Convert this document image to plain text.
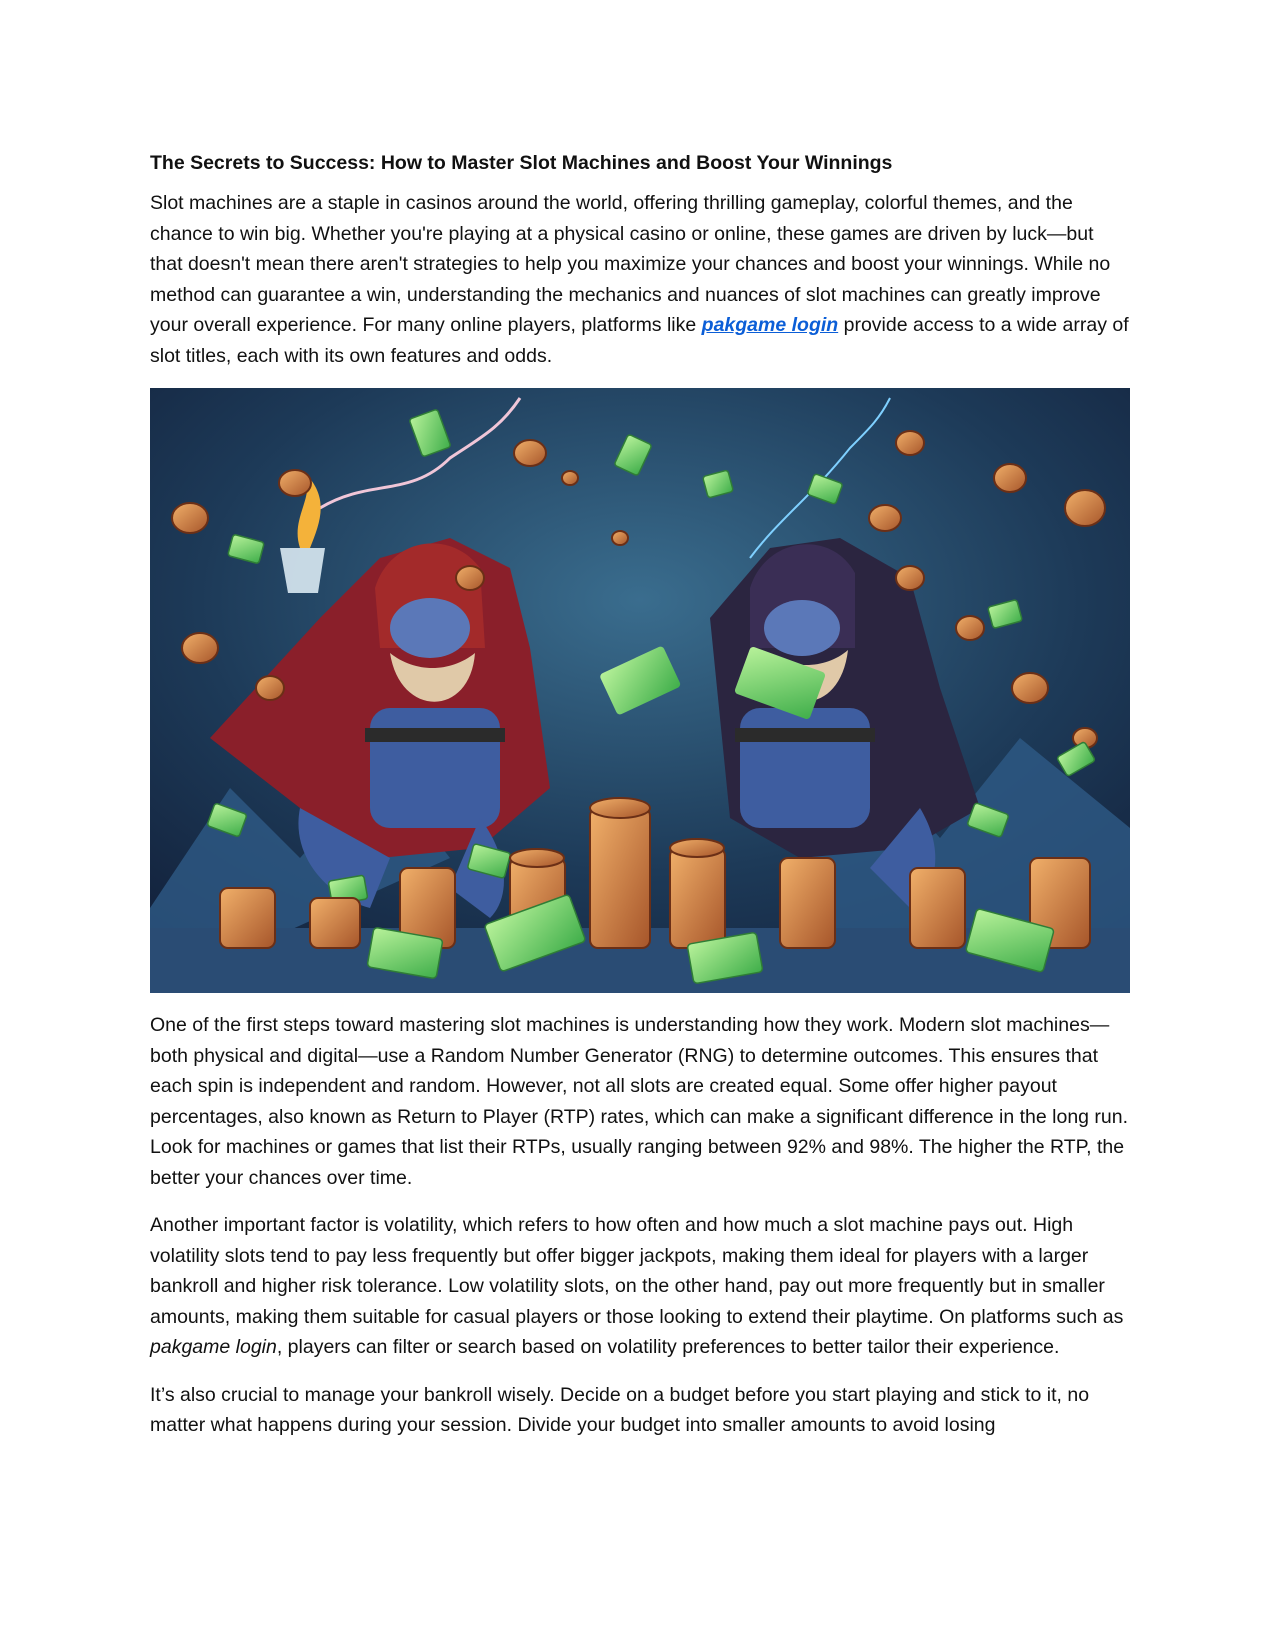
The Secrets to Success: How to Master Slot Machines and Boost Your Winnings

Slot machines are a staple in casinos around the world, offering thrilling gameplay, colorful themes, and the chance to win big. Whether you're playing at a physical casino or online, these games are driven by luck—but that doesn't mean there aren't strategies to help you maximize your chances and boost your winnings. While no method can guarantee a win, understanding the mechanics and nuances of slot machines can greatly improve your overall experience. For many online players, platforms like pakgame login provide access to a wide array of slot titles, each with its own features and odds.

One of the first steps toward mastering slot machines is understanding how they work. Modern slot machines—both physical and digital—use a Random Number Generator (RNG) to determine outcomes. This ensures that each spin is independent and random. However, not all slots are created equal. Some offer higher payout percentages, also known as Return to Player (RTP) rates, which can make a significant difference in the long run. Look for machines or games that list their RTPs, usually ranging between 92% and 98%. The higher the RTP, the better your chances over time.

Another important factor is volatility, which refers to how often and how much a slot machine pays out. High volatility slots tend to pay less frequently but offer bigger jackpots, making them ideal for players with a larger bankroll and higher risk tolerance. Low volatility slots, on the other hand, pay out more frequently but in smaller amounts, making them suitable for casual players or those looking to extend their playtime. On platforms such as pakgame login, players can filter or search based on volatility preferences to better tailor their experience.

It’s also crucial to manage your bankroll wisely. Decide on a budget before you start playing and stick to it, no matter what happens during your session. Divide your budget into smaller amounts to avoid losing
